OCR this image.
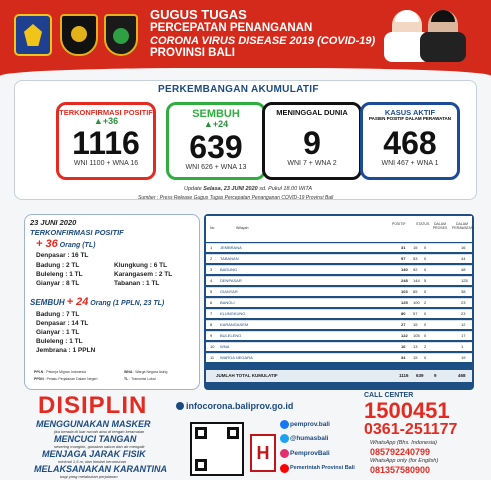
GUGUS TUGAS
PERCEPATAN PENANGANAN
CORONA VIRUS DISEASE 2019 (COVID-19)
PROVINSI BALI
PERKEMBANGAN AKUMULATIF
TERKONFIRMASI POSITIF
▲+36
1116
WNI 1100 + WNA 16
SEMBUH
▲+24
639
WNI 626 + WNA 13
MENINGGAL DUNIA
9
WNI 7 + WNA 2
KASUS AKTIF
PASIEN POSITIF DALAM PERAWATAN
468
WNI 467 + WNA 1
Update Selasa, 23 JUNI 2020 sd. Pukul 18.00 WITA
Sumber : Press Release Gugus Tugas Percepatan Penanganan COVID-19 Provinsi Bali
23 JUNI 2020
TERKONFIRMASI POSITIF
+ 36 Orang (TL)
Denpasar : 16 TL
Badung : 2 TL
Buleleng : 1 TL
Gianyar : 8 TL
Klungkung : 6 TL
Karangasem : 2 TL
Tabanan : 1 TL
SEMBUH + 24 Orang (1 PPLN, 23 TL)
Badung : 7 TL
Denpasar : 14 TL
Gianyar : 1 TL
Buleleng : 1 TL
Jembrana : 1 PPLN
PPLN : Pekerja Migran Indonesia
PPDN : Pelaku Perjalanan Dalam Negeri
WNA : Warga Negara Asing
TL : Transmisi Lokal
No	Wilayah
POSITIF	STATUS	DALAM PROSES
DALAM PERAWATAN
1 JEMBRANA	31 15 0	16
2 TABANAN	97 53 0	44
3 BADUNG	140 92 0	48
4 DENPASAR	248 144 5	125
5 GIANYAR	103 65 0	38
6 BANGLI	125 100 2	23
7 KLUNGKUNG	80 57 0	23
8 KARANGASEM	27 15 0	12
9 BULELENG	122 105 0	17
10 WNA	16 13 2	1
11 WARGA NEGARA	34 15 0	19
JUMLAH TOTAL KUMULATIF	1116 639 9	468
DISIPLIN
MENGGUNAKAN MASKER
jika berada di luar rumah atau di tengah keramaian
MENCUCI TANGAN
sesering mungkin, gunakan sabun dan air mengalir
MENJAGA JARAK FISIK
minimal 1,5 m, dan hindari kerumunan
MELAKSANAKAN KARANTINA
bagi yang melakukan perjalanan
infocorona.baliprov.go.id
H
pemprov.bali
@humasbali
PemprovBali
Pemerintah Provinsi Bali
CALL CENTER
1500451
0361-251177
WhatsApp (Bhs. Indonesia)
085792240799
WhatsApp only (for English)
081357580900
